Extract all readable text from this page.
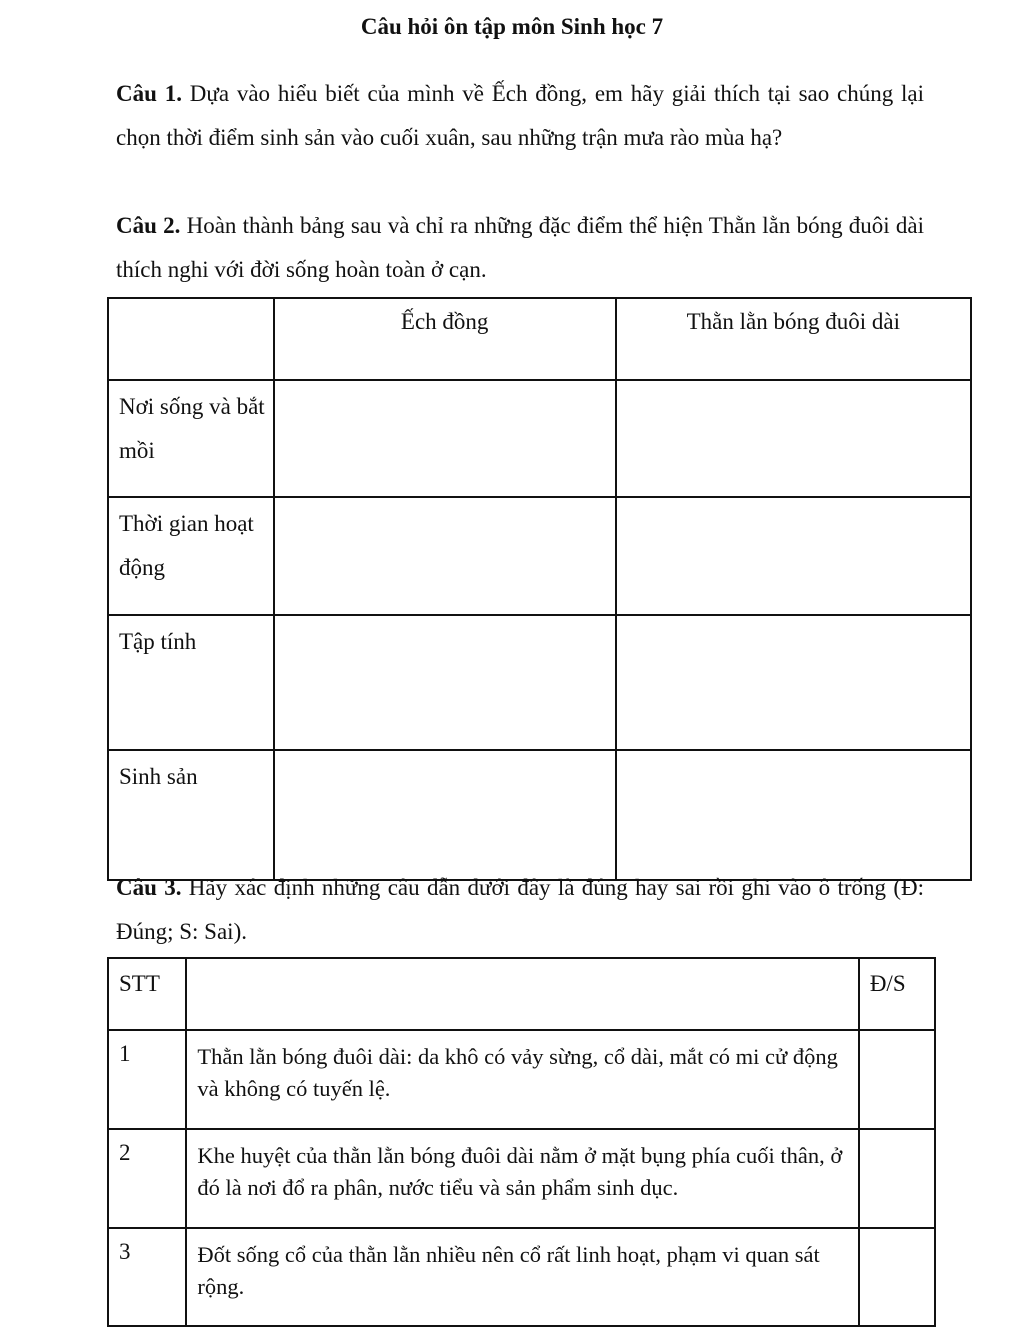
Câu hỏi ôn tập môn Sinh học 7
Câu 1. Dựa vào hiểu biết của mình về Ếch đồng, em hãy giải thích tại sao chúng lại chọn thời điểm sinh sản vào cuối xuân, sau những trận mưa rào mùa hạ?
Câu 2. Hoàn thành bảng sau và chỉ ra những đặc điểm thể hiện Thằn lằn bóng đuôi dài thích nghi với đời sống hoàn toàn ở cạn.
	Ếch đồng	Thằn lằn bóng đuôi dài
Nơi sống và bắt mồi		
Thời gian hoạt động		
Tập tính		
Sinh sản		
Câu 3. Hãy xác định những câu dẫn dưới đây là đúng hay sai rồi ghi vào ô trống (Đ: Đúng; S: Sai).
STT		Đ/S
1	Thằn lằn bóng đuôi dài: da khô có vảy sừng, cổ dài, mắt có mi cử động và không có tuyến lệ.	
2	Khe huyệt của thằn lằn bóng đuôi dài nằm ở mặt bụng phía cuối thân, ở đó là nơi đổ ra phân, nước tiểu và sản phẩm sinh dục.	
3	Đốt sống cổ của thằn lằn nhiều nên cổ rất linh hoạt, phạm vi quan sát rộng.	
